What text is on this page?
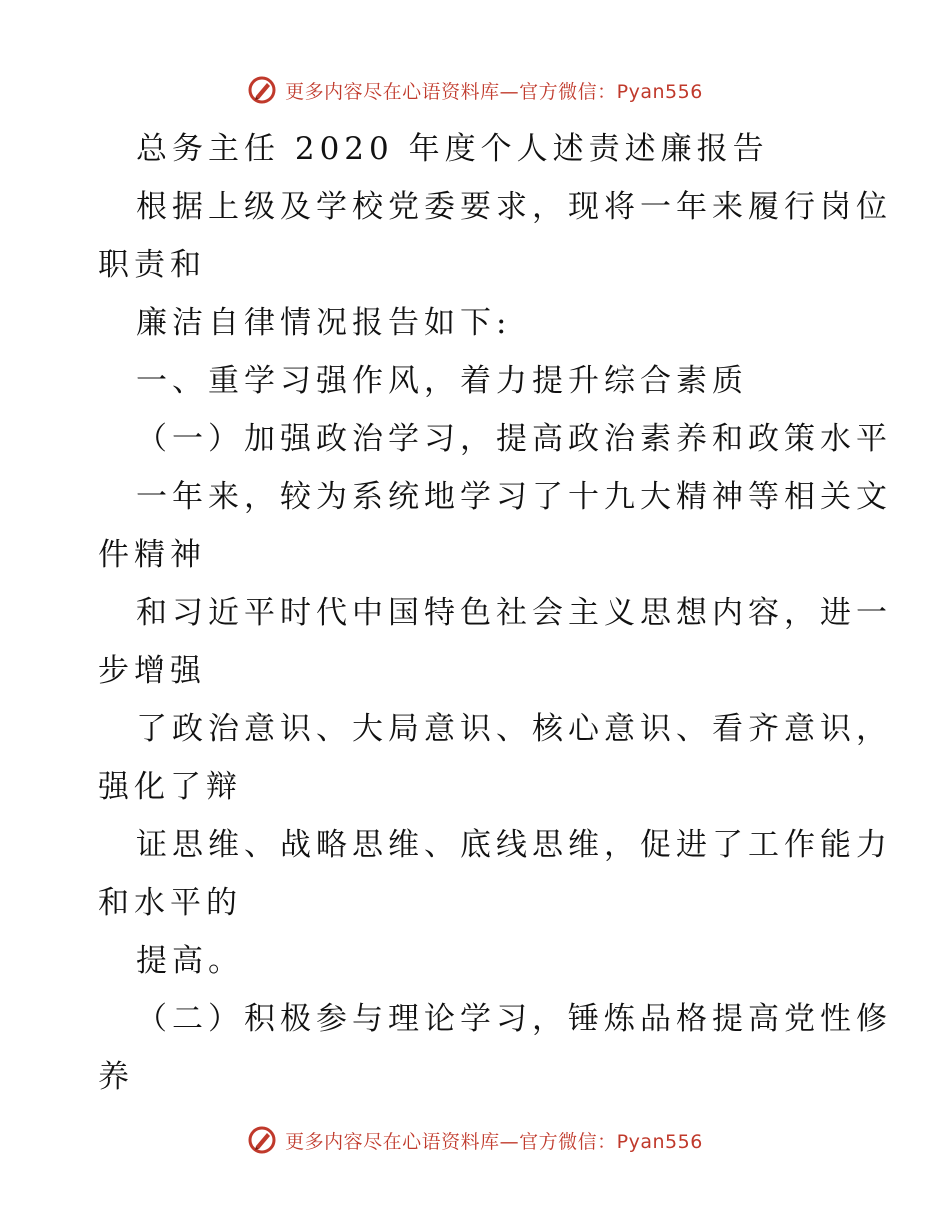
更多内容尽在心语资料库—官方微信：Pyan556
总务主任 2020 年度个人述责述廉报告
根据上级及学校党委要求，现将一年来履行岗位
职责和
廉洁自律情况报告如下:
一、重学习强作风，着力提升综合素质
（一）加强政治学习，提高政治素养和政策水平
一年来，较为系统地学习了十九大精神等相关文
件精神
和习近平时代中国特色社会主义思想内容，进一
步增强
了政治意识、大局意识、核心意识、看齐意识，
强化了辩
证思维、战略思维、底线思维，促进了工作能力
和水平的
提高。
（二）积极参与理论学习，锤炼品格提高党性修
养
更多内容尽在心语资料库—官方微信：Pyan556
